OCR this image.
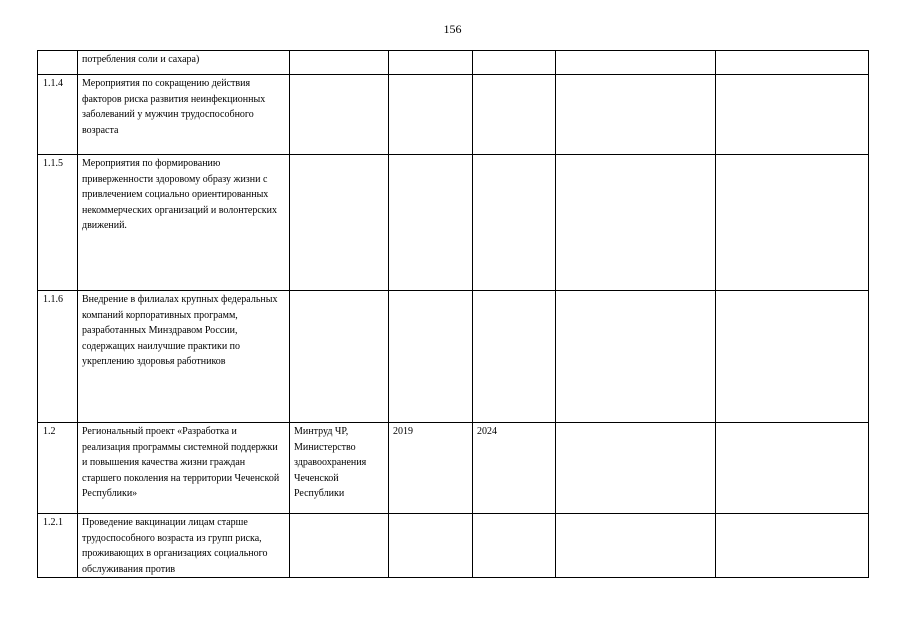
156
	потребления соли и сахара)					
1.1.4	Мероприятия по сокращению действия факторов риска развития неинфекционных заболеваний у мужчин трудоспособного возраста					
1.1.5	Мероприятия по формированию приверженности здоровому образу жизни с привлечением социально ориентированных некоммерческих организаций и волонтерских движений.					
1.1.6	Внедрение в филиалах крупных федеральных компаний корпоративных программ, разработанных Минздравом России, содержащих наилучшие практики по укреплению здоровья работников					
1.2	Региональный проект «Разработка и реализация программы системной поддержки и повышения качества жизни граждан старшего поколения на территории Чеченской Республики»	Минтруд ЧР, Министерство здравоохранения Чеченской Республики	2019	2024		
1.2.1	Проведение вакцинации лицам старше трудоспособного возраста из групп риска, проживающих в организациях социального обслуживания против					
